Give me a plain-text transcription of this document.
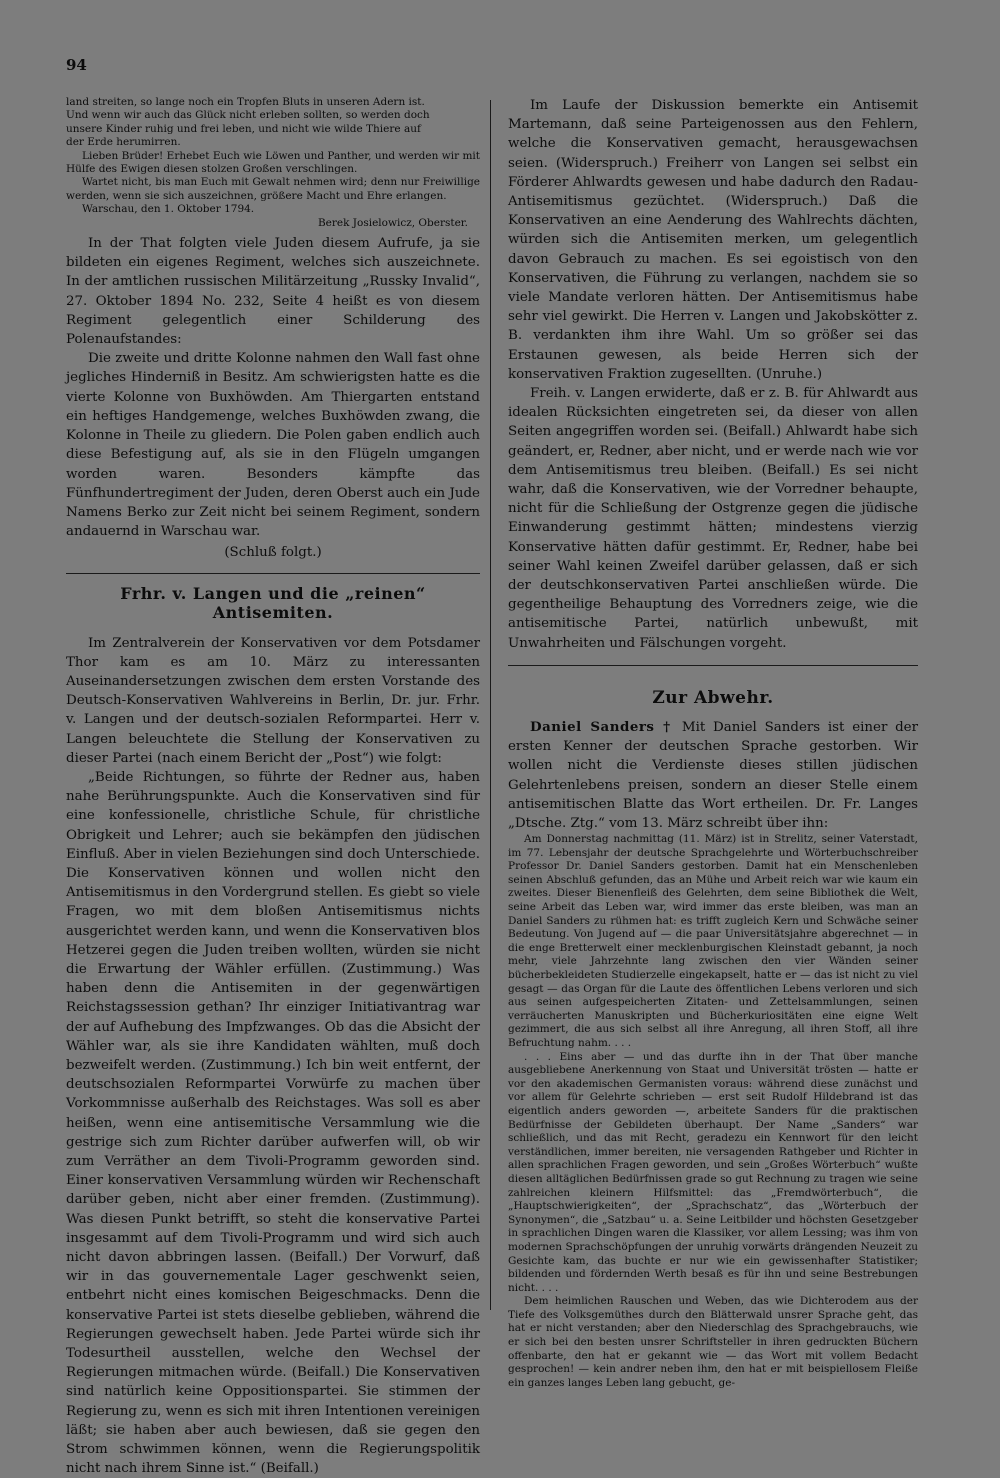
94

land streiten, so lange noch ein Tropfen Bluts in unseren Adern ist.

Und wenn wir auch das Glück nicht erleben sollten, so werden doch

unsere Kinder ruhig und frei leben, und nicht wie wilde Thiere auf

der Erde herumirren.

Lieben Brüder! Erhebet Euch wie Löwen und Panther, und werden wir mit Hülfe des Ewigen diesen stolzen Großen verschlingen.

Wartet nicht, bis man Euch mit Gewalt nehmen wird; denn nur Freiwillige werden, wenn sie sich auszeichnen, größere Macht und Ehre erlangen.

Warschau, den 1. Oktober 1794.

Berek Josielowicz, Oberster.

In der That folgten viele Juden diesem Aufrufe, ja sie bildeten ein eigenes Regiment, welches sich auszeichnete. In der amtlichen russischen Militärzeitung „Russky Invalid“, 27. Oktober 1894 No. 232, Seite 4 heißt es von diesem Regiment gelegentlich einer Schilderung des Polenaufstandes:

Die zweite und dritte Kolonne nahmen den Wall fast ohne jegliches Hinderniß in Besitz. Am schwierigsten hatte es die vierte Kolonne von Buxhöwden. Am Thiergarten entstand ein heftiges Handgemenge, welches Buxhöwden zwang, die Kolonne in Theile zu gliedern. Die Polen gaben endlich auch diese Befestigung auf, als sie in den Flügeln umgangen worden waren. Besonders kämpfte das Fünfhundertregiment der Juden, deren Oberst auch ein Jude Namens Berko zur Zeit nicht bei seinem Regiment, sondern andauernd in Warschau war.

(Schluß folgt.)

Frhr. v. Langen und die „reinen“ Antisemiten.

Im Zentralverein der Konservativen vor dem Potsdamer Thor kam es am 10. März zu interessanten Auseinandersetzungen zwischen dem ersten Vorstande des Deutsch-Konservativen Wahlvereins in Berlin, Dr. jur. Frhr. v. Langen und der deutsch-sozialen Reformpartei. Herr v. Langen beleuchtete die Stellung der Konservativen zu dieser Partei (nach einem Bericht der „Post“) wie folgt:

„Beide Richtungen, so führte der Redner aus, haben nahe Berührungspunkte. Auch die Konservativen sind für eine konfessionelle, christliche Schule, für christliche Obrigkeit und Lehrer; auch sie bekämpfen den jüdischen Einfluß. Aber in vielen Beziehungen sind doch Unterschiede. Die Konservativen können und wollen nicht den Antisemitismus in den Vordergrund stellen. Es giebt so viele Fragen, wo mit dem bloßen Antisemitismus nichts ausgerichtet werden kann, und wenn die Konservativen blos Hetzerei gegen die Juden treiben wollten, würden sie nicht die Erwartung der Wähler erfüllen. (Zustimmung.) Was haben denn die Antisemiten in der gegenwärtigen Reichstagssession gethan? Ihr einziger Initiativantrag war der auf Aufhebung des Impfzwanges. Ob das die Absicht der Wähler war, als sie ihre Kandidaten wählten, muß doch bezweifelt werden. (Zustimmung.) Ich bin weit entfernt, der deutschsozialen Reformpartei Vorwürfe zu machen über Vorkommnisse außerhalb des Reichstages. Was soll es aber heißen, wenn eine antisemitische Versammlung wie die gestrige sich zum Richter darüber aufwerfen will, ob wir zum Verräther an dem Tivoli-Programm geworden sind. Einer konservativen Versammlung würden wir Rechenschaft darüber geben, nicht aber einer fremden. (Zustimmung). Was diesen Punkt betrifft, so steht die konservative Partei insgesammt auf dem Tivoli-Programm und wird sich auch nicht davon abbringen lassen. (Beifall.) Der Vorwurf, daß wir in das gouvernementale Lager geschwenkt seien, entbehrt nicht eines komischen Beigeschmacks. Denn die konservative Partei ist stets dieselbe geblieben, während die Regierungen gewechselt haben. Jede Partei würde sich ihr Todesurtheil ausstellen, welche den Wechsel der Regierungen mitmachen würde. (Beifall.) Die Konservativen sind natürlich keine Oppositionspartei. Sie stimmen der Regierung zu, wenn es sich mit ihren Intentionen vereinigen läßt; sie haben aber auch bewiesen, daß sie gegen den Strom schwimmen können, wenn die Regierungspolitik nicht nach ihrem Sinne ist.“ (Beifall.)

Im Laufe der Diskussion bemerkte ein Antisemit Martemann, daß seine Parteigenossen aus den Fehlern, welche die Konservativen gemacht, herausgewachsen seien. (Widerspruch.) Freiherr von Langen sei selbst ein Förderer Ahlwardts gewesen und habe dadurch den Radau-Antisemitismus gezüchtet. (Widerspruch.) Daß die Konservativen an eine Aenderung des Wahlrechts dächten, würden sich die Antisemiten merken, um gelegentlich davon Gebrauch zu machen. Es sei egoistisch von den Konservativen, die Führung zu verlangen, nachdem sie so viele Mandate verloren hätten. Der Antisemitismus habe sehr viel gewirkt. Die Herren v. Langen und Jakobskötter z. B. verdankten ihm ihre Wahl. Um so größer sei das Erstaunen gewesen, als beide Herren sich der konservativen Fraktion zugesellten. (Unruhe.)

Freih. v. Langen erwiderte, daß er z. B. für Ahlwardt aus idealen Rücksichten eingetreten sei, da dieser von allen Seiten angegriffen worden sei. (Beifall.) Ahlwardt habe sich geändert, er, Redner, aber nicht, und er werde nach wie vor dem Antisemitismus treu bleiben. (Beifall.) Es sei nicht wahr, daß die Konservativen, wie der Vorredner behaupte, nicht für die Schließung der Ostgrenze gegen die jüdische Einwanderung gestimmt hätten; mindestens vierzig Konservative hätten dafür gestimmt. Er, Redner, habe bei seiner Wahl keinen Zweifel darüber gelassen, daß er sich der deutschkonservativen Partei anschließen würde. Die gegentheilige Behauptung des Vorredners zeige, wie die antisemitische Partei, natürlich unbewußt, mit Unwahrheiten und Fälschungen vorgeht.

Zur Abwehr.

Daniel Sanders † Mit Daniel Sanders ist einer der ersten Kenner der deutschen Sprache gestorben. Wir wollen nicht die Verdienste dieses stillen jüdischen Gelehrtenlebens preisen, sondern an dieser Stelle einem antisemitischen Blatte das Wort ertheilen. Dr. Fr. Langes „Dtsche. Ztg.“ vom 13. März schreibt über ihn:

Am Donnerstag nachmittag (11. März) ist in Strelitz, seiner Vaterstadt, im 77. Lebensjahr der deutsche Sprachgelehrte und Wörterbuchschreiber Professor Dr. Daniel Sanders gestorben. Damit hat ein Menschenleben seinen Abschluß gefunden, das an Mühe und Arbeit reich war wie kaum ein zweites. Dieser Bienenfleiß des Gelehrten, dem seine Bibliothek die Welt, seine Arbeit das Leben war, wird immer das erste bleiben, was man an Daniel Sanders zu rühmen hat: es trifft zugleich Kern und Schwäche seiner Bedeutung. Von Jugend auf — die paar Universitätsjahre abgerechnet — in die enge Bretterwelt einer mecklenburgischen Kleinstadt gebannt, ja noch mehr, viele Jahrzehnte lang zwischen den vier Wänden seiner bücherbekleideten Studierzelle eingekapselt, hatte er — das ist nicht zu viel gesagt — das Organ für die Laute des öffentlichen Lebens verloren und sich aus seinen aufgespeicherten Zitaten- und Zettelsammlungen, seinen verräucherten Manuskripten und Bücherkuriositäten eine eigne Welt gezimmert, die aus sich selbst all ihre Anregung, all ihren Stoff, all ihre Befruchtung nahm. . . .

. . . Eins aber — und das durfte ihn in der That über manche ausgebliebene Anerkennung von Staat und Universität trösten — hatte er vor den akademischen Germanisten voraus: während diese zunächst und vor allem für Gelehrte schrieben — erst seit Rudolf Hildebrand ist das eigentlich anders geworden —, arbeitete Sanders für die praktischen Bedürfnisse der Gebildeten überhaupt. Der Name „Sanders“ war schließlich, und das mit Recht, geradezu ein Kennwort für den leicht verständlichen, immer bereiten, nie versagenden Rathgeber und Richter in allen sprachlichen Fragen geworden, und sein „Großes Wörterbuch“ wußte diesen alltäglichen Bedürfnissen grade so gut Rechnung zu tragen wie seine zahlreichen kleinern Hilfsmittel: das „Fremdwörterbuch“, die „Hauptschwierigkeiten“, der „Sprachschatz“, das „Wörterbuch der Synonymen“, die „Satzbau“ u. a. Seine Leitbilder und höchsten Gesetzgeber in sprachlichen Dingen waren die Klassiker, vor allem Lessing; was ihm von modernen Sprachschöpfungen der unruhig vorwärts drängenden Neuzeit zu Gesichte kam, das buchte er nur wie ein gewissenhafter Statistiker; bildenden und fördernden Werth besaß es für ihn und seine Bestrebungen nicht. . . .

Dem heimlichen Rauschen und Weben, das wie Dichterodem aus der Tiefe des Volksgemüthes durch den Blätterwald unsrer Sprache geht, das hat er nicht verstanden; aber den Niederschlag des Sprachgebrauchs, wie er sich bei den besten unsrer Schriftsteller in ihren gedruckten Büchern offenbarte, den hat er gekannt wie — das Wort mit vollem Bedacht gesprochen! — kein andrer neben ihm, den hat er mit beispiellosem Fleiße ein ganzes langes Leben lang gebucht, ge-
